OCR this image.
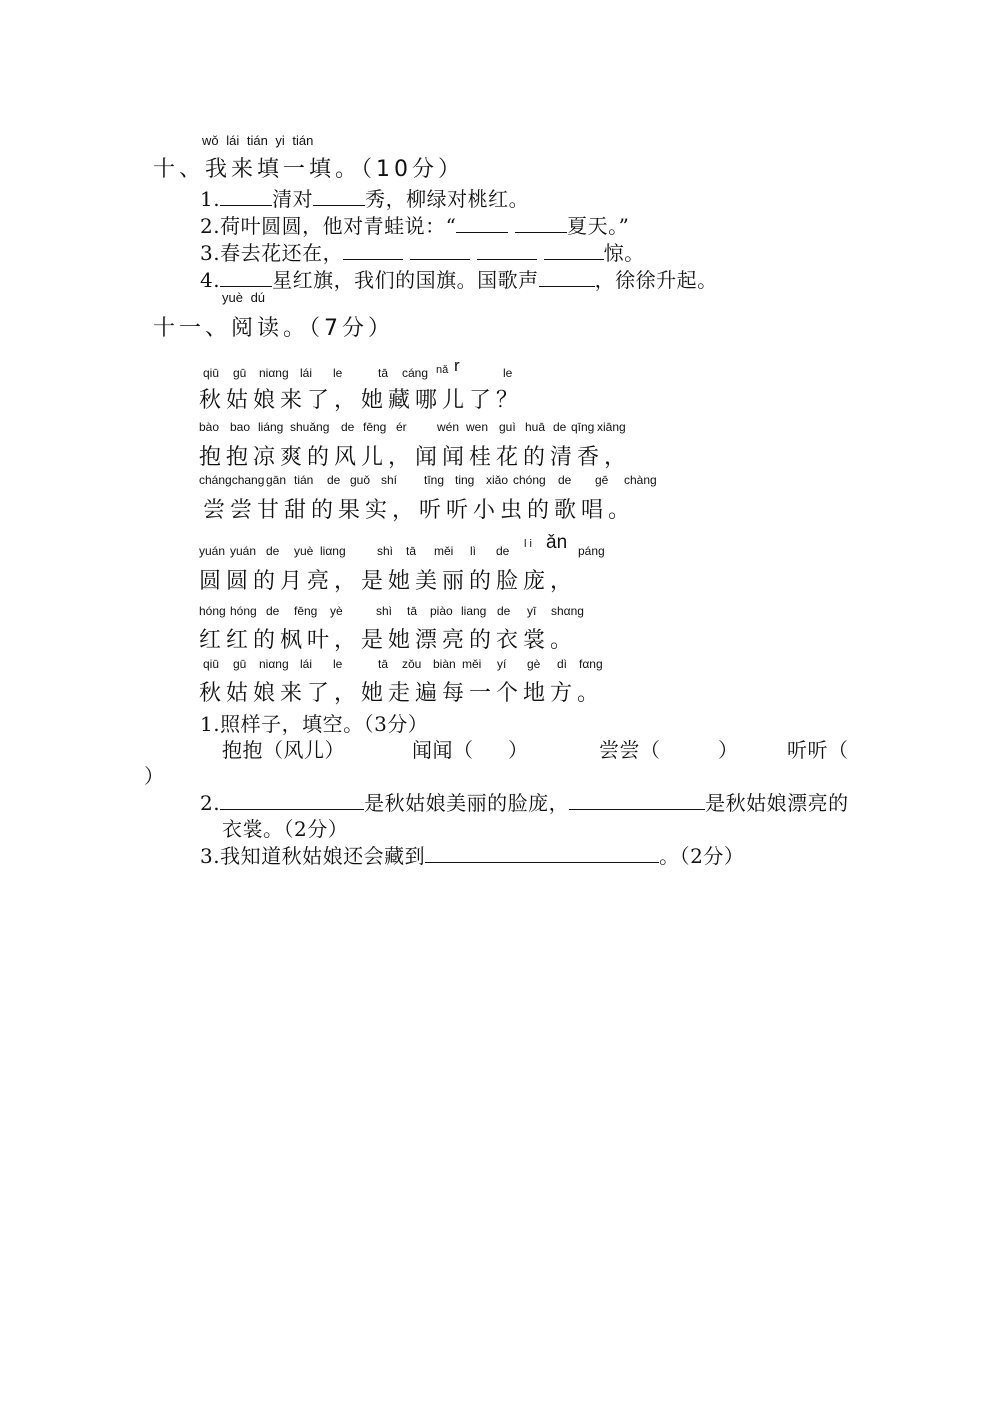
wǒ lái tián yi tián
十、我来填一填。（10分）
1.	清对	秀，柳绿对桃红。
2.荷叶圆圆，他对青蛙说：“	夏天。”
3.春去花还在，	惊。
4.	星红旗，我们的国旗。国歌声	，徐徐升起。
yuè dú
十一、阅读。（7分）
qiū gū niαng lái le	tā cáng nǎ r	le
秋姑娘来了，她藏哪儿了？
bào bao liáng shuǎng de fēng ér	wén wen guì huā de qīng xiāng
抱抱凉爽的风儿，闻闻桂花的清香，
chángchang gān tián de guǒ shí tīng ting xiǎo chóng de gē chàng
尝尝甘甜的果实，听听小虫的歌唱。
yuán yuán de yuè liαng	shì tā měi lì de l i ǎn páng
圆圆的月亮，是她美丽的脸庞，
hóng hóng de fēng yè	shì tā piào liang de yī shαng
红红的枫叶，是她漂亮的衣裳。
qiū gū niαng lái le	tā zǒu biàn měi yí gè dì fαng
秋姑娘来了，她走遍每一个地方。
1.照样子，填空。（3分）
抱抱（风儿）	闻闻（ ）	尝尝（	） 听听（
）
2.	是秋姑娘美丽的脸庞，	是秋姑娘漂亮的
衣裳。（2分）
3.我知道秋姑娘还会藏到	。（2分）
